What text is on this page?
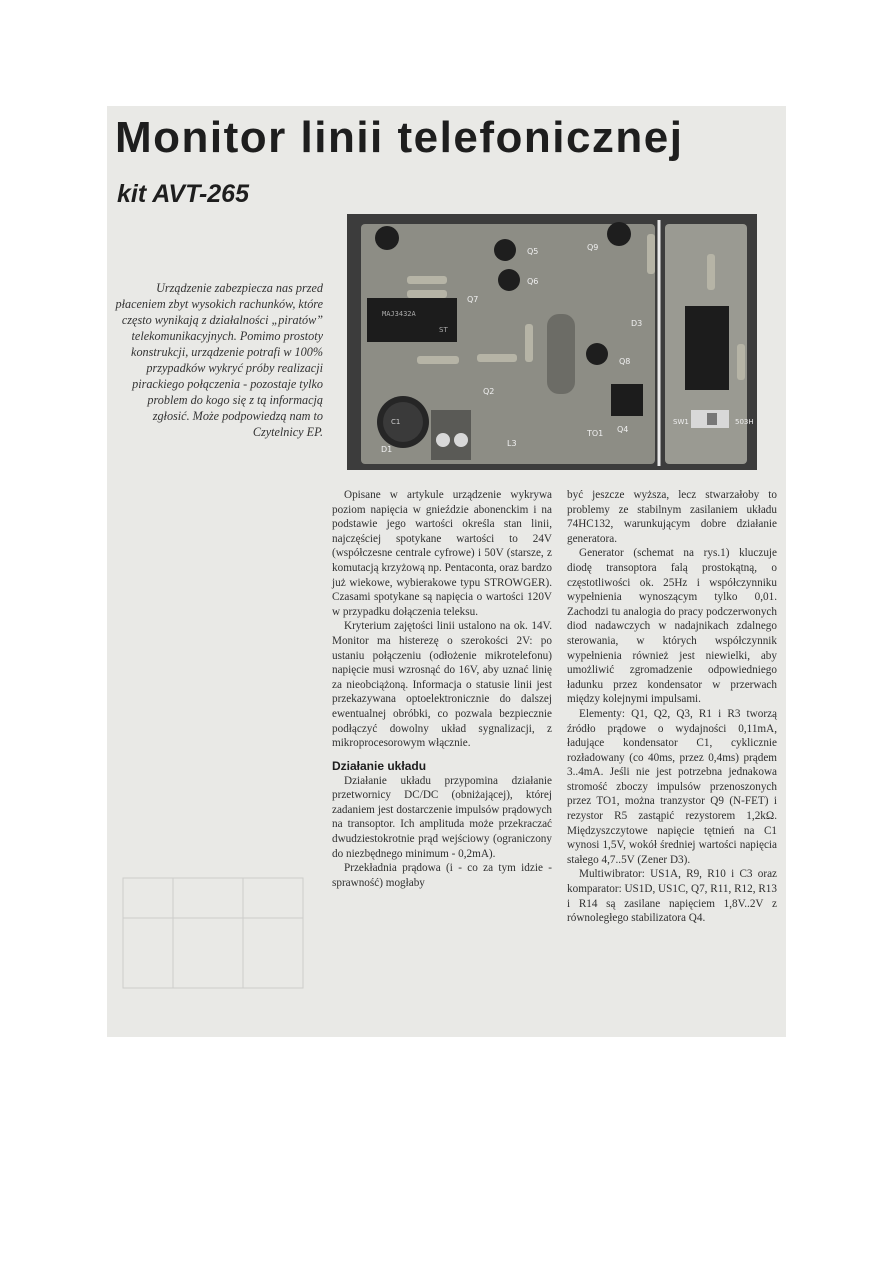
Monitor linii telefonicznej
kit AVT-265

Urządzenie zabezpiecza nas przed płaceniem zbyt wysokich rachunków, które często wynikają z działalności „piratów” telekomunikacyjnych. Pomimo prostoty konstrukcji, urządzenie potrafi w 100% przypadków wykryć próby realizacji pirackiego połączenia - pozostaje tylko problem do kogo się z tą informacją zgłosić. Może podpowiedzą nam to Czytelnicy EP.

MAJ3432A
ST
C1	SW1	503H
D3
D1
Q2
Q5
Q6
Q7
Q8
Q9
Q4
L3
TO1

Opisane w artykule urządzenie wykrywa poziom napięcia w gnieździe abonenckim i na podstawie jego wartości określa stan linii, najczęściej spotykane wartości to 24V (współczesne centrale cyfrowe) i 50V (starsze, z komutacją krzyżową np. Pentaconta, oraz bardzo już wiekowe, wybierakowe typu STROWGER). Czasami spotykane są napięcia o wartości 120V w przypadku dołączenia teleksu.

Kryterium zajętości linii ustalono na ok. 14V. Monitor ma histerezę o szerokości 2V: po ustaniu połączeniu (odłożenie mikrotelefonu) napięcie musi wzrosnąć do 16V, aby uznać linię za nieobciążoną. Informacja o statusie linii jest przekazywana optoelektronicznie do dalszej ewentualnej obróbki, co pozwala bezpiecznie podłączyć dowolny układ sygnalizacji, z mikroprocesorowym włącznie.

Działanie układu

Działanie układu przypomina działanie przetwornicy DC/DC (obniżającej), której zadaniem jest dostarczenie impulsów prądowych na transoptor. Ich amplituda może przekraczać dwudziestokrotnie prąd wejściowy (ograniczony do niezbędnego minimum - 0,2mA).

Przekładnia prądowa (i - co za tym idzie - sprawność) mogłaby

być jeszcze wyższa, lecz stwarzałoby to problemy ze stabilnym zasilaniem układu 74HC132, warunkującym dobre działanie generatora.

Generator (schemat na rys.1) kluczuje diodę transoptora falą prostokątną, o częstotliwości ok. 25Hz i współczynniku wypełnienia wynoszącym tylko 0,01. Zachodzi tu analogia do pracy podczerwonych diod nadawczych w nadajnikach zdalnego sterowania, w których współczynnik wypełnienia również jest niewielki, aby umożliwić zgromadzenie odpowiedniego ładunku przez kondensator w przerwach między kolejnymi impulsami.

Elementy: Q1, Q2, Q3, R1 i R3 tworzą źródło prądowe o wydajności 0,11mA, ładujące kondensator C1, cyklicznie rozładowany (co 40ms, przez 0,4ms) prądem 3..4mA. Jeśli nie jest potrzebna jednakowa stromość zboczy impulsów przenoszonych przez TO1, można tranzystor Q9 (N-FET) i rezystor R5 zastąpić rezystorem 1,2kΩ. Międzyszczytowe napięcie tętnień na C1 wynosi 1,5V, wokół średniej wartości napięcia stałego 4,7..5V (Zener D3).

Multiwibrator: US1A, R9, R10 i C3 oraz komparator: US1D, US1C, Q7, R11, R12, R13 i R14 są zasilane napięciem 1,8V..2V z równoległego stabilizatora Q4.
